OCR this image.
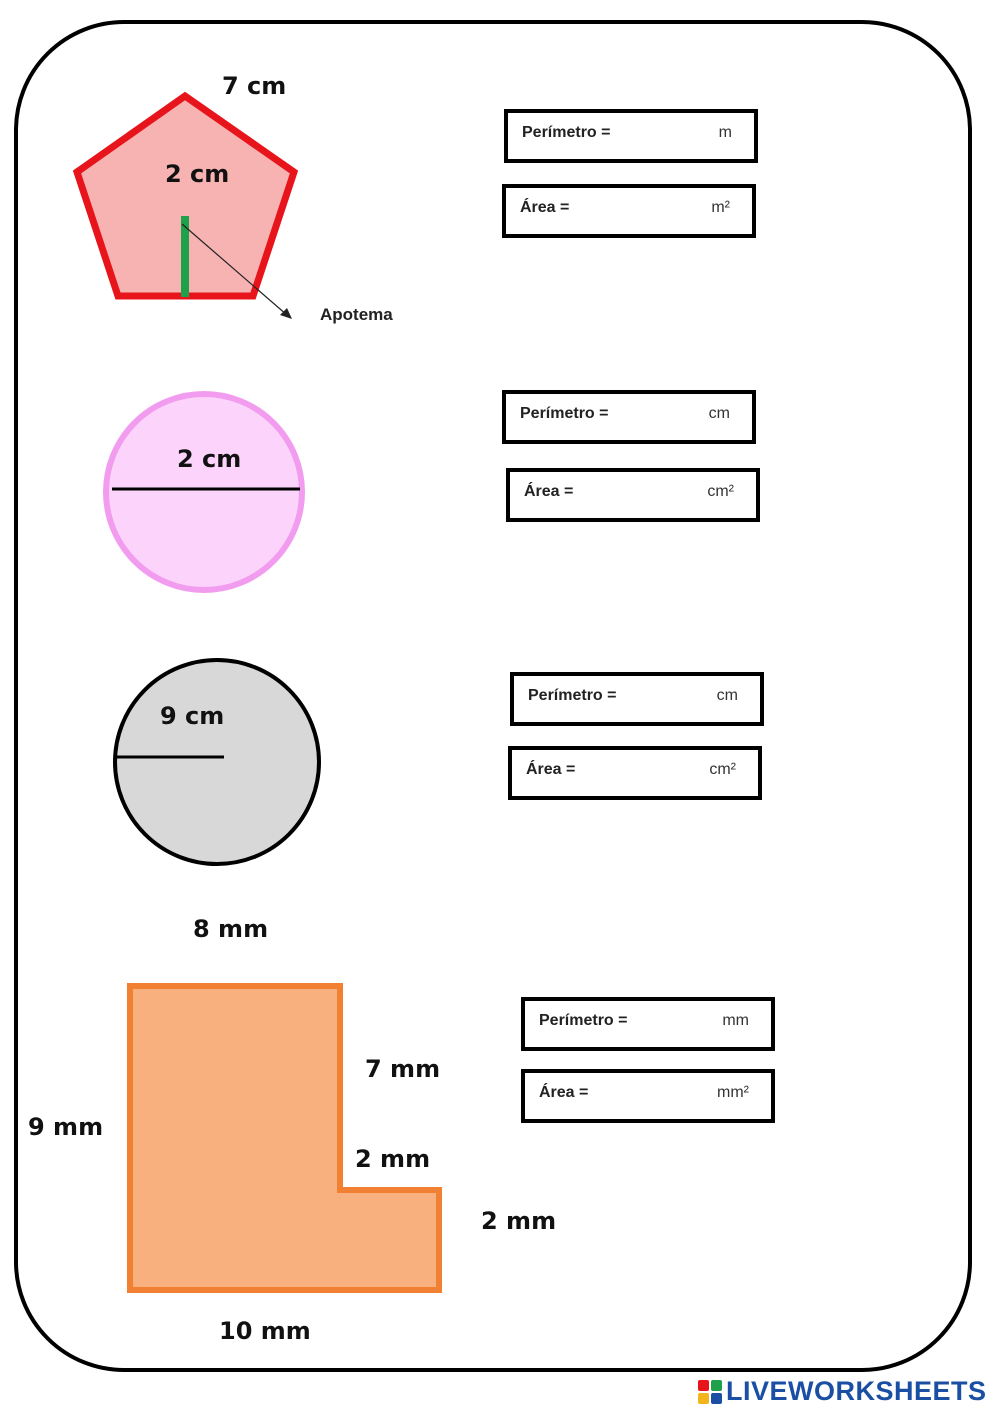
7 cm
2 cm
Apotema
Perímetro =	m
Área =	m²
2 cm
Perímetro =	cm
Área =	cm²
9 cm
Perímetro =	cm
Área =	cm²
8 mm
7 mm
9 mm
2 mm
2 mm
10 mm
Perímetro =	mm
Área =	mm²
LIVEWORKSHEETS
